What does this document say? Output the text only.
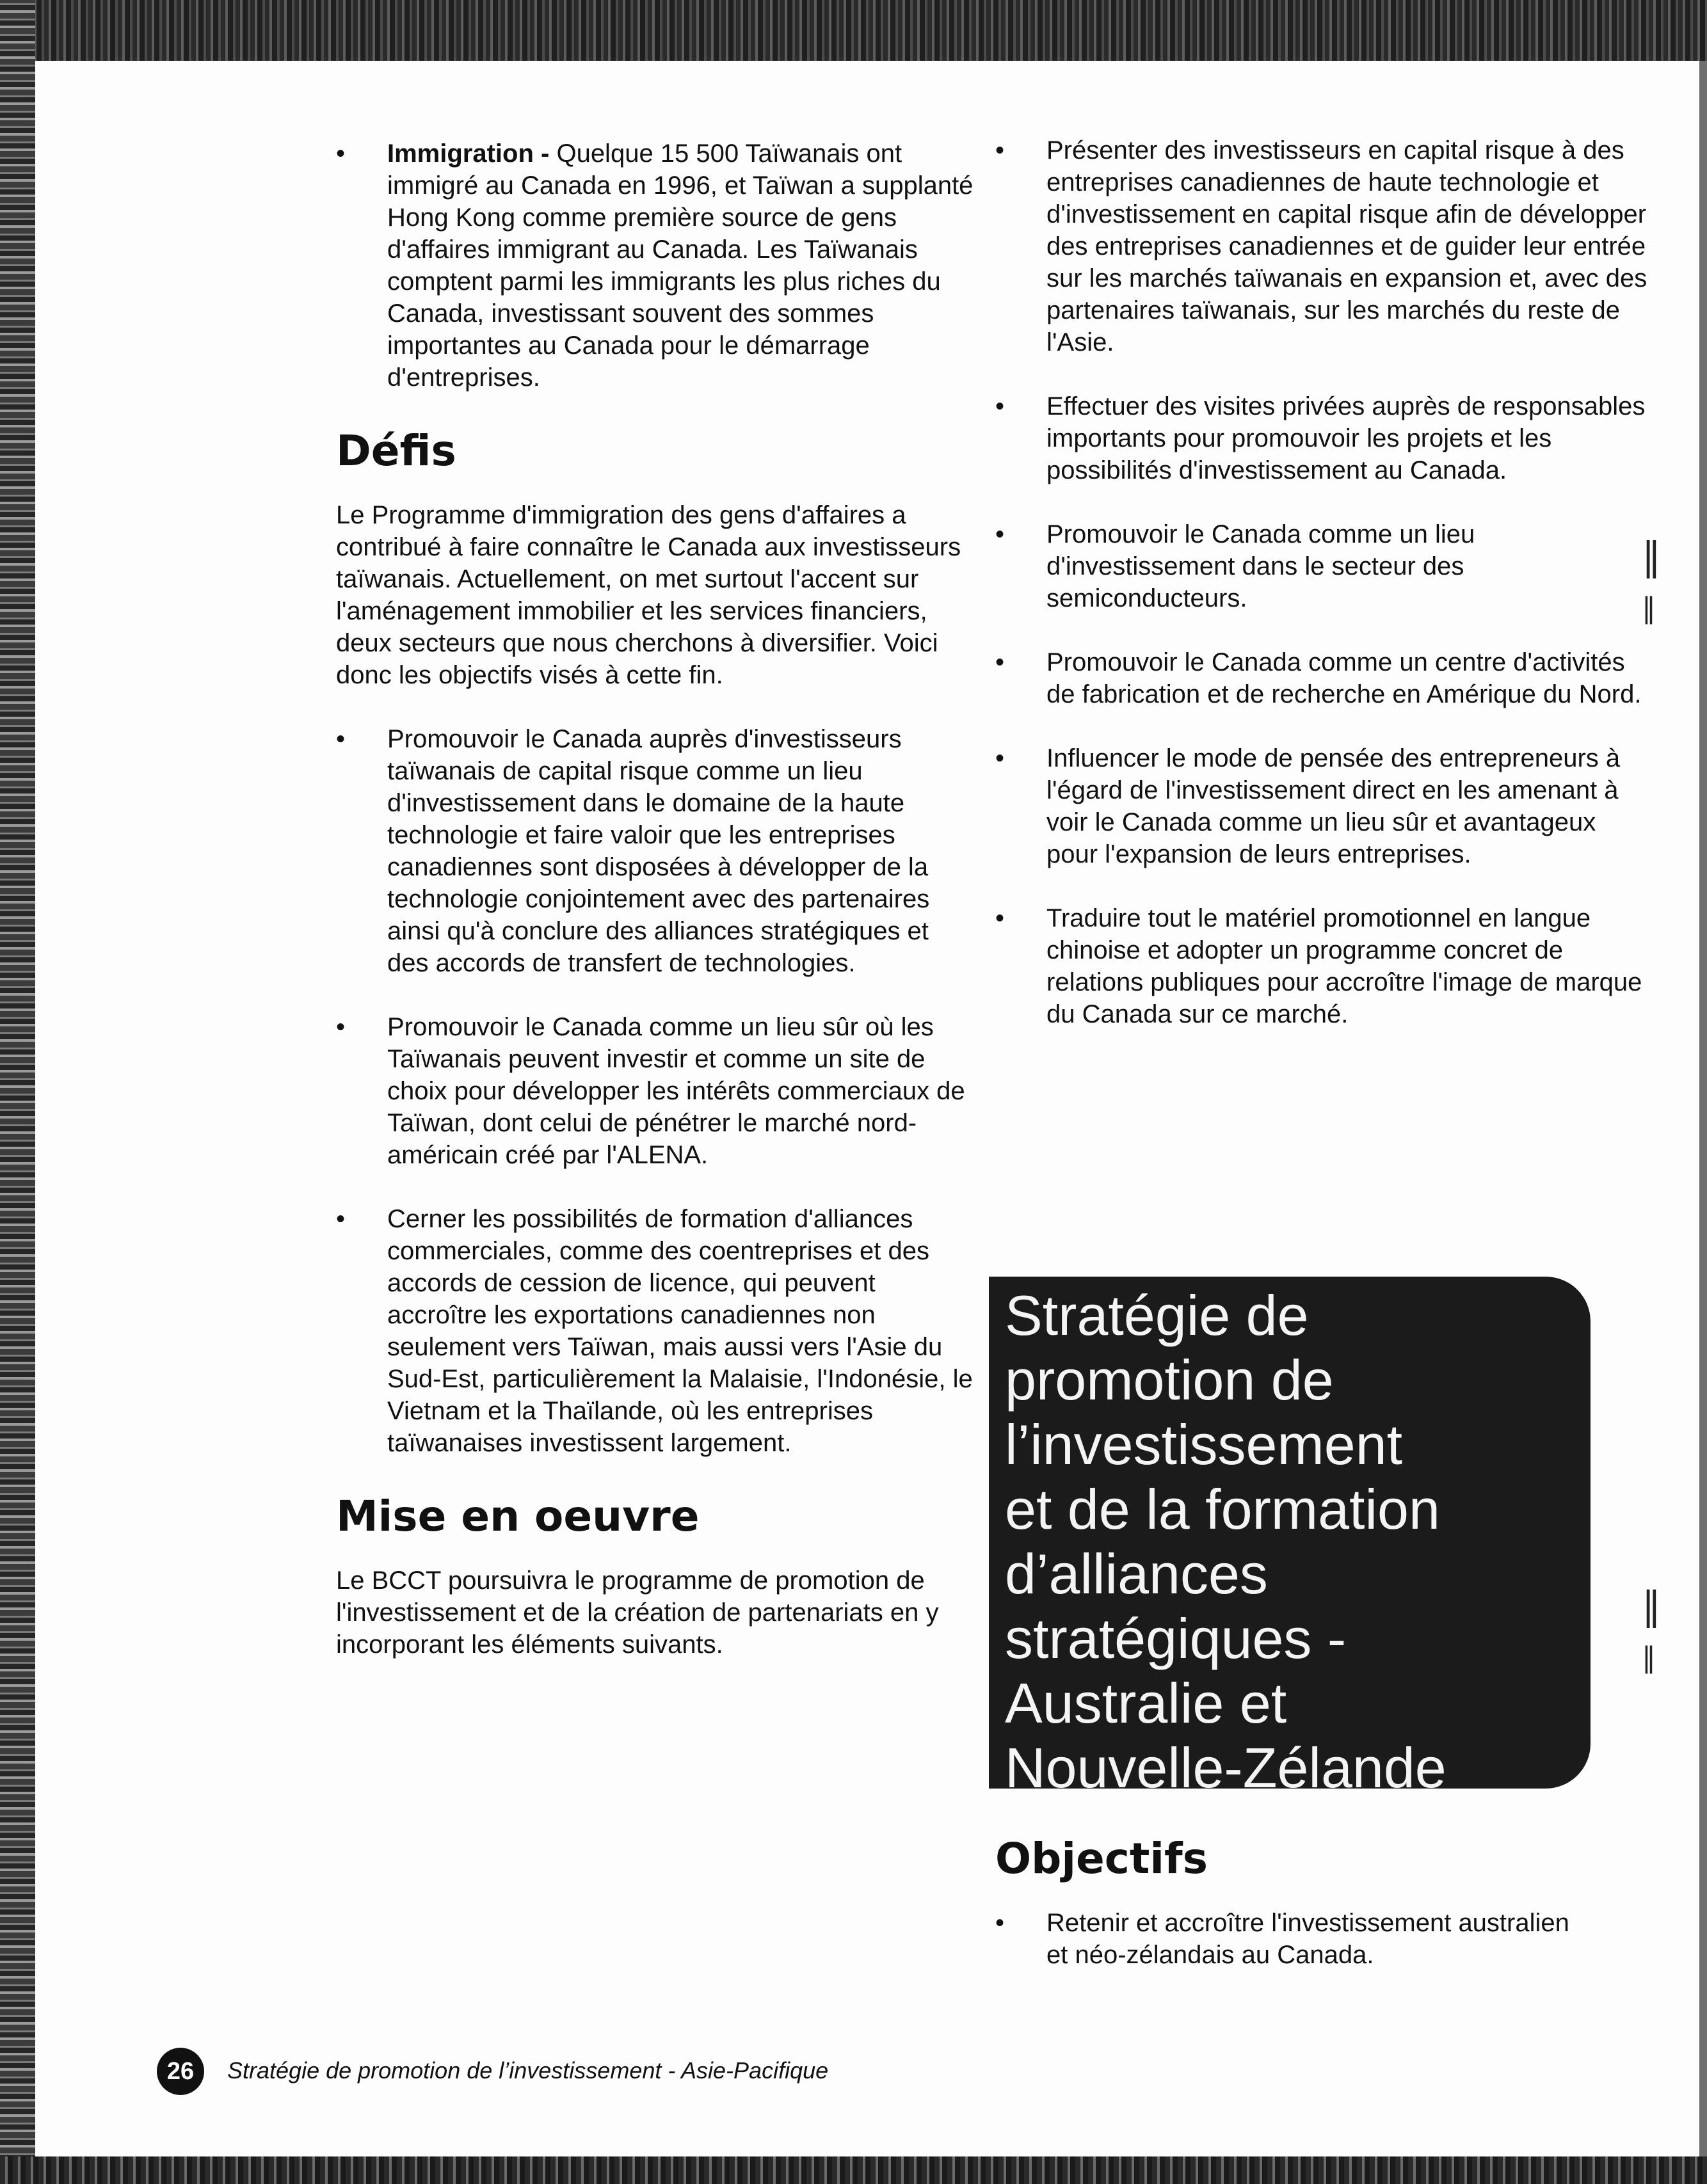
• Immigration - Quelque 15 500 Taïwanais ont immigré au Canada en 1996, et Taïwan a supplanté Hong Kong comme première source de gens d'affaires immigrant au Canada. Les Taïwanais comptent parmi les immigrants les plus riches du Canada, investissant souvent des sommes importantes au Canada pour le démarrage d'entreprises.
Défis

Le Programme d'immigration des gens d'affaires a contribué à faire connaître le Canada aux investisseurs taïwanais. Actuellement, on met surtout l'accent sur l'aménagement immobilier et les services financiers, deux secteurs que nous cherchons à diversifier. Voici donc les objectifs visés à cette fin.

• Promouvoir le Canada auprès d'investisseurs taïwanais de capital risque comme un lieu d'investissement dans le domaine de la haute technologie et faire valoir que les entreprises canadiennes sont disposées à développer de la technologie conjointement avec des partenaires ainsi qu'à conclure des alliances stratégiques et des accords de transfert de technologies.
• Promouvoir le Canada comme un lieu sûr où les Taïwanais peuvent investir et comme un site de choix pour développer les intérêts commerciaux de Taïwan, dont celui de pénétrer le marché nord-américain créé par l'ALENA.
• Cerner les possibilités de formation d'alliances commerciales, comme des coentreprises et des accords de cession de licence, qui peuvent accroître les exportations canadiennes non seulement vers Taïwan, mais aussi vers l'Asie du Sud-Est, particulièrement la Malaisie, l'Indonésie, le Vietnam et la Thaïlande, où les entreprises taïwanaises investissent largement.
Mise en oeuvre

Le BCCT poursuivra le programme de promotion de l'investissement et de la création de partenariats en y incorporant les éléments suivants.

• Présenter des investisseurs en capital risque à des entreprises canadiennes de haute technologie et d'investissement en capital risque afin de développer des entreprises canadiennes et de guider leur entrée sur les marchés taïwanais en expansion et, avec des partenaires taïwanais, sur les marchés du reste de l'Asie.
• Effectuer des visites privées auprès de responsables importants pour promouvoir les projets et les possibilités d'investissement au Canada.
• Promouvoir le Canada comme un lieu d'investissement dans le secteur des semiconducteurs.
• Promouvoir le Canada comme un centre d'activités de fabrication et de recherche en Amérique du Nord.
• Influencer le mode de pensée des entrepreneurs à l'égard de l'investissement direct en les amenant à voir le Canada comme un lieu sûr et avantageux pour l'expansion de leurs entreprises.
• Traduire tout le matériel promotionnel en langue chinoise et adopter un programme concret de relations publiques pour accroître l'image de marque du Canada sur ce marché.
Stratégie de
promotion de
l’investissement
et de la formation
d’alliances
stratégiques -
Australie et
Nouvelle-Zélande
Objectifs
• Retenir et accroître l'investissement australien et néo-zélandais au Canada.
26	Stratégie de promotion de l’investissement - Asie-Pacifique
‖
‖
‖
‖
